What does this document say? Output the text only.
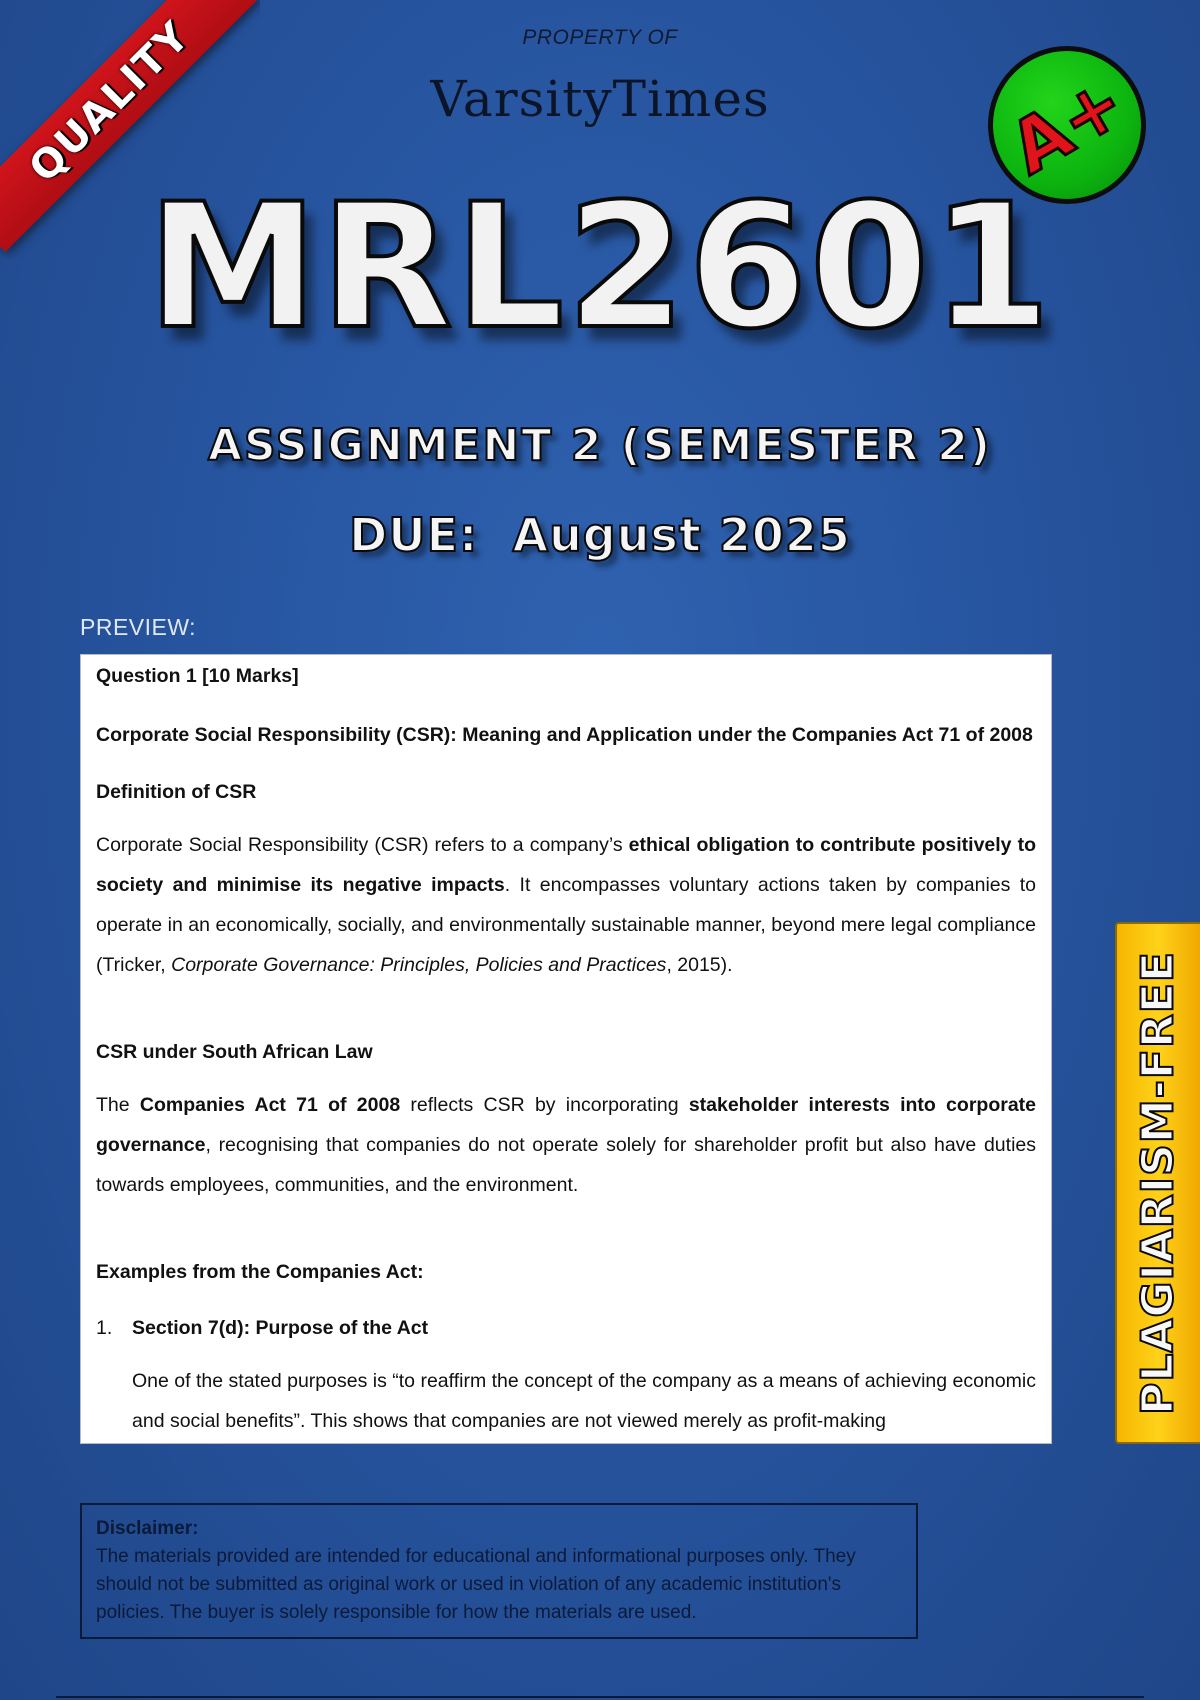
QUALITY	PROPERTY OF
VarsityTimes	A+
MRL2601
ASSIGNMENT 2 (SEMESTER 2)
DUE:  August 2025
PREVIEW:
Question 1 [10 Marks]
Corporate Social Responsibility (CSR): Meaning and Application under the Companies Act 71 of 2008
Definition of CSR
Corporate Social Responsibility (CSR) refers to a company’s ethical obligation to contribute positively to society and minimise its negative impacts. It encompasses voluntary actions taken by companies to operate in an economically, socially, and environmentally sustainable manner, beyond mere legal compliance (Tricker, Corporate Governance: Principles, Policies and Practices, 2015).
CSR under South African Law
The Companies Act 71 of 2008 reflects CSR by incorporating stakeholder interests into corporate governance, recognising that companies do not operate solely for shareholder profit but also have duties towards employees, communities, and the environment.
Examples from the Companies Act:
1. Section 7(d): Purpose of the Act
One of the stated purposes is “to reaffirm the concept of the company as a means of achieving economic and social benefits”. This shows that companies are not viewed merely as profit-making
PLAGIARISM-FREE
Disclaimer:
The materials provided are intended for educational and informational purposes only. They should not be submitted as original work or used in violation of any academic institution's policies. The buyer is solely responsible for how the materials are used.
